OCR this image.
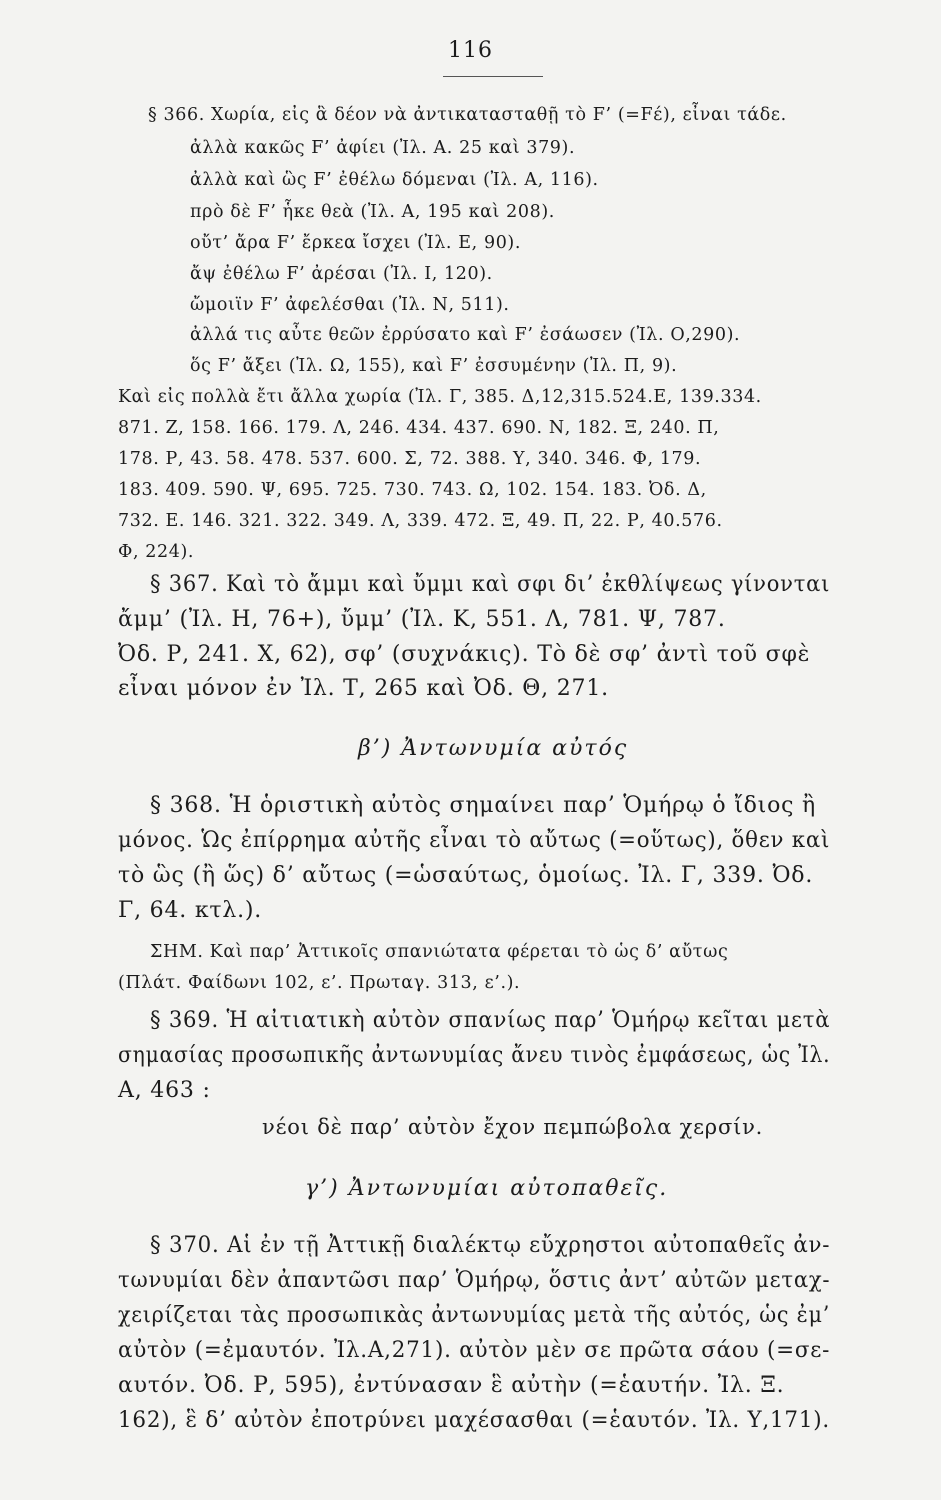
116
§ 366. Χωρία, εἰς ἃ δέον νὰ ἀντικατασταθῇ τὸ F’ (=Fέ), εἶναι τάδε.
ἀλλὰ κακῶς F’ ἀφίει (Ἰλ. Α. 25 καὶ 379).
ἀλλὰ καὶ ὣς F’ ἐθέλω δόμεναι (Ἰλ. Α, 116).
πρὸ δὲ F’ ἧκε θεὰ (Ἰλ. Α, 195 καὶ 208).
οὔτ’ ἄρα F’ ἔρκεα ἴσχει (Ἰλ. Ε, 90).
ἄψ ἐθέλω F’ ἀρέσαι (Ἰλ. Ι, 120).
ὤμοιϊν F’ ἀφελέσθαι (Ἰλ. Ν, 511).
ἀλλά τις αὖτε θεῶν ἐρρύσατο καὶ F’ ἐσάωσεν (Ἰλ. Ο,290).
ὅς F’ ἄξει (Ἰλ. Ω, 155), καὶ F’ ἐσσυμένην (Ἰλ. Π, 9).
Καὶ εἰς πολλὰ ἔτι ἄλλα χωρία (Ἰλ. Γ, 385. Δ,12,315.524.Ε, 139.334.
871. Ζ, 158. 166. 179. Λ, 246. 434. 437. 690. Ν, 182. Ξ, 240. Π,
178. Ρ, 43. 58. 478. 537. 600. Σ, 72. 388. Υ, 340. 346. Φ, 179.
183. 409. 590. Ψ, 695. 725. 730. 743. Ω, 102. 154. 183. Ὀδ. Δ,
732. Ε. 146. 321. 322. 349. Λ, 339. 472. Ξ, 49. Π, 22. Ρ, 40.576.
Φ, 224).
§ 367. Καὶ τὸ ἄμμι καὶ ὔμμι καὶ σφι δι’ ἐκθλίψεως γίνονται
ἄμμ’ (Ἰλ. Η, 76+), ὔμμ’ (Ἰλ. Κ, 551. Λ, 781. Ψ, 787.
Ὀδ. Ρ, 241. Χ, 62), σφ’ (συχνάκις). Τὸ δὲ σφ’ ἀντὶ τοῦ σφὲ
εἶναι μόνον ἐν Ἰλ. Τ, 265 καὶ Ὀδ. Θ, 271.
β’) Ἀντωνυμία αὐτός
§ 368. Ἡ ὁριστικὴ αὐτὸς σημαίνει παρ’ Ὁμήρῳ ὁ ἴδιος ἢ
μόνος. Ὡς ἐπίρρημα αὐτῆς εἶναι τὸ αὔτως (=οὕτως), ὅθεν καὶ
τὸ ὣς (ἢ ὥς) δ’ αὔτως (=ὡσαύτως, ὁμοίως. Ἰλ. Γ, 339. Ὀδ.
Γ, 64. κτλ.).
ΣΗΜ. Καὶ παρ’ Ἀττικοῖς σπανιώτατα φέρεται τὸ ὡς δ’ αὔτως
(Πλάτ. Φαίδωνι 102, ε’. Πρωταγ. 313, ε’.).
§ 369. Ἡ αἰτιατικὴ αὐτὸν σπανίως παρ’ Ὁμήρῳ κεῖται μετὰ
σημασίας προσωπικῆς ἀντωνυμίας ἄνευ τινὸς ἐμφάσεως, ὡς Ἰλ.
Α, 463 :
νέοι δὲ παρ’ αὐτὸν ἔχον πεμπώβολα χερσίν.
γ’) Ἀντωνυμίαι αὐτοπαθεῖς.
§ 370. Αἱ ἐν τῇ Ἀττικῇ διαλέκτῳ εὔχρηστοι αὐτοπαθεῖς ἀν-
τωνυμίαι δὲν ἀπαντῶσι παρ’ Ὁμήρῳ, ὅστις ἀντ’ αὐτῶν μεταχ-
χειρίζεται τὰς προσωπικὰς ἀντωνυμίας μετὰ τῆς αὐτός, ὡς ἐμ’
αὐτὸν (=ἐμαυτόν. Ἰλ.Α,271). αὐτὸν μὲν σε πρῶτα σάου (=σε-
αυτόν. Ὀδ. Ρ, 595), ἐντύνασαν ἓ αὐτὴν (=ἑαυτήν. Ἰλ. Ξ.
162), ἓ δ’ αὐτὸν ἐποτρύνει μαχέσασθαι (=ἑαυτόν. Ἰλ. Υ,171).
